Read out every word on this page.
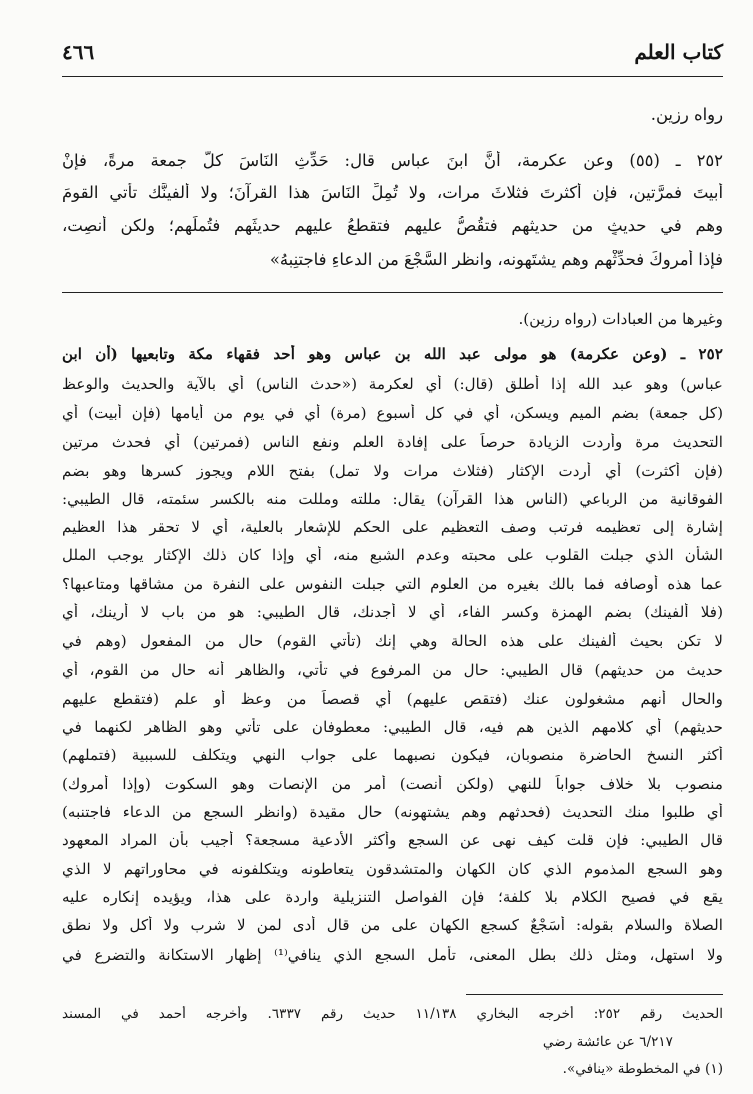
كتاب العلم
٤٦٦
رواه رزين.
٢٥٢ ـ (٥٥) وعن عكرمة، أنَّ ابنَ عباس قال: حَدِّثِ النَاسَ كلَّ جمعة مرةً، فإنْ
أبيتَ فمرَّتين، فإن أكثرتَ فثلاثَ مرات، ولا تُمِلِّ النَاسَ هذا القرآنَ؛ ولا أُلفينَّك تأتي القومَ
وهم في حديثٍ من حديثهم فتقُصُّ عليهم فتقطعُ عليهم حديثَهم فتُملِّهم؛ ولكن أنصِت،
فإذا أمروكَ فحدِّثْهم وهم يشتَهونه، وانظر السَّجْعَ من الدعاءِ فاجتنِبهُ»
وغيرها من العبادات (رواه رزين).
٢٥٢ ـ (وعن عكرمة) هو مولى عبد الله بن عباس وهو أحد فقهاء مكة وتابعيها (أن ابن
عباس) وهو عبد الله إذا أطلق (قال:) أي لعكرمة («حدث الناس) أي بالآية والحديث والوعظ
(كل جمعة) بضم الميم ويسكن، أي في كل أسبوع (مرة) أي في يوم من أيامها (فإن أبيت) أي
التحديث مرة وأردت الزيادة حرصاً على إفادة العلم ونفع الناس (فمرتين) أي فحدث مرتين
(فإن أكثرت) أي أردت الإكثار (فثلاث مرات ولا تمل) بفتح اللام ويجوز كسرها وهو بضم
الفوقانية من الرباعي (الناس هذا القرآن) يقال: مللته ومللت منه بالكسر سئمته، قال الطيبي:
إشارة إلى تعظيمه فرتب وصف التعظيم على الحكم للإشعار بالعلية، أي لا تحقر هذا العظيم
الشأن الذي جبلت القلوب على محبته وعدم الشبع منه، أي وإذا كان ذلك الإكثار يوجب الملل
عما هذه أوصافه فما بالك بغيره من العلوم التي جبلت النفوس على النفرة من مشاقها ومتاعبها؟
(فلا ألفينك) بضم الهمزة وكسر الفاء، أي لا أجدنك، قال الطيبي: هو من باب لا أرينك، أي
لا تكن بحيث ألفينك على هذه الحالة وهي إنك (تأتي القوم) حال من المفعول (وهم في
حديث من حديثهم) قال الطيبي: حال من المرفوع في تأتي، والظاهر أنه حال من القوم، أي
والحال أنهم مشغولون عنك (فتقص عليهم) أي قصصاً من وعظ أو علم (فتقطع عليهم
حديثهم) أي كلامهم الذين هم فيه، قال الطيبي: معطوفان على تأتي وهو الظاهر لكنهما في
أكثر النسخ الحاضرة منصوبان، فيكون نصبهما على جواب النهي ويتكلف للسببية (فتملهم)
منصوب بلا خلاف جواباً للنهي (ولكن أنصت) أمر من الإنصات وهو السكوت (وإذا أمروك)
أي طلبوا منك التحديث (فحدثهم وهم يشتهونه) حال مقيدة (وانظر السجع من الدعاء فاجتنبه)
قال الطيبي: فإن قلت كيف نهى عن السجع وأكثر الأدعية مسجعة؟ أجيب بأن المراد المعهود
وهو السجع المذموم الذي كان الكهان والمتشدقون يتعاطونه ويتكلفونه في محاوراتهم لا الذي
يقع في فصيح الكلام بلا كلفة؛ فإن الفواصل التنزيلية واردة على هذا، ويؤيده إنكاره عليه
الصلاة والسلام بقوله: أَسَجْعٌ كسجع الكهان على من قال أدى لمن لا شرب ولا أكل ولا نطق
ولا استهل، ومثل ذلك بطل المعنى، تأمل السجع الذي ينافي⁽¹⁾ إظهار الاستكانة والتضرع في
الحديث رقم ٢٥٢: أخرجه البخاري ١١/١٣٨ حديث رقم ٦٣٣٧. وأخرجه أحمد في المسند
٦/٢١٧ عن عائشة رضي
(١) في المخطوطة «ينافي».
